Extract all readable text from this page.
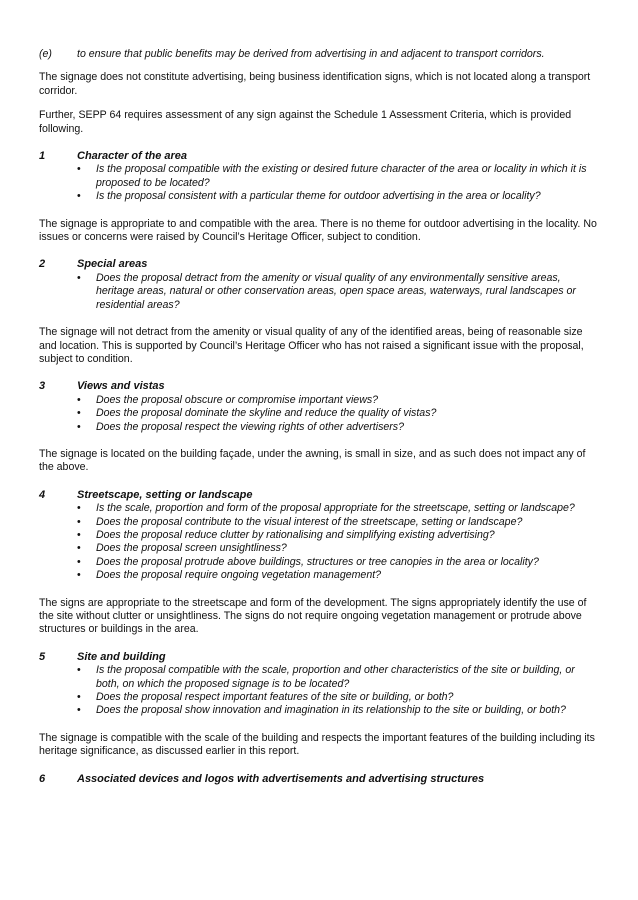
(e)	to ensure that public benefits may be derived from advertising in and adjacent to transport corridors.

The signage does not constitute advertising, being business identification signs, which is not located along a transport corridor.

Further, SEPP 64 requires assessment of any sign against the Schedule 1 Assessment Criteria, which is provided following.

1	Character of the area
• Is the proposal compatible with the existing or desired future character of the area or locality in which it is proposed to be located?
• Is the proposal consistent with a particular theme for outdoor advertising in the area or locality?

The signage is appropriate to and compatible with the area. There is no theme for outdoor advertising in the locality. No issues or concerns were raised by Council’s Heritage Officer, subject to condition.

2	Special areas
• Does the proposal detract from the amenity or visual quality of any environmentally sensitive areas, heritage areas, natural or other conservation areas, open space areas, waterways, rural landscapes or residential areas?

The signage will not detract from the amenity or visual quality of any of the identified areas, being of reasonable size and location. This is supported by Council’s Heritage Officer who has not raised a significant issue with the proposal, subject to condition.

3	Views and vistas
• Does the proposal obscure or compromise important views?
• Does the proposal dominate the skyline and reduce the quality of vistas?
• Does the proposal respect the viewing rights of other advertisers?

The signage is located on the building façade, under the awning, is small in size, and as such does not impact any of the above.

4	Streetscape, setting or landscape
• Is the scale, proportion and form of the proposal appropriate for the streetscape, setting or landscape?
• Does the proposal contribute to the visual interest of the streetscape, setting or landscape?
• Does the proposal reduce clutter by rationalising and simplifying existing advertising?
• Does the proposal screen unsightliness?
• Does the proposal protrude above buildings, structures or tree canopies in the area or locality?
• Does the proposal require ongoing vegetation management?

The signs are appropriate to the streetscape and form of the development. The signs appropriately identify the use of the site without clutter or unsightliness. The signs do not require ongoing vegetation management or protrude above structures or buildings in the area.

5	Site and building
• Is the proposal compatible with the scale, proportion and other characteristics of the site or building, or both, on which the proposed signage is to be located?
• Does the proposal respect important features of the site or building, or both?
• Does the proposal show innovation and imagination in its relationship to the site or building, or both?

The signage is compatible with the scale of the building and respects the important features of the building including its heritage significance, as discussed earlier in this report.

6	Associated devices and logos with advertisements and advertising structures
